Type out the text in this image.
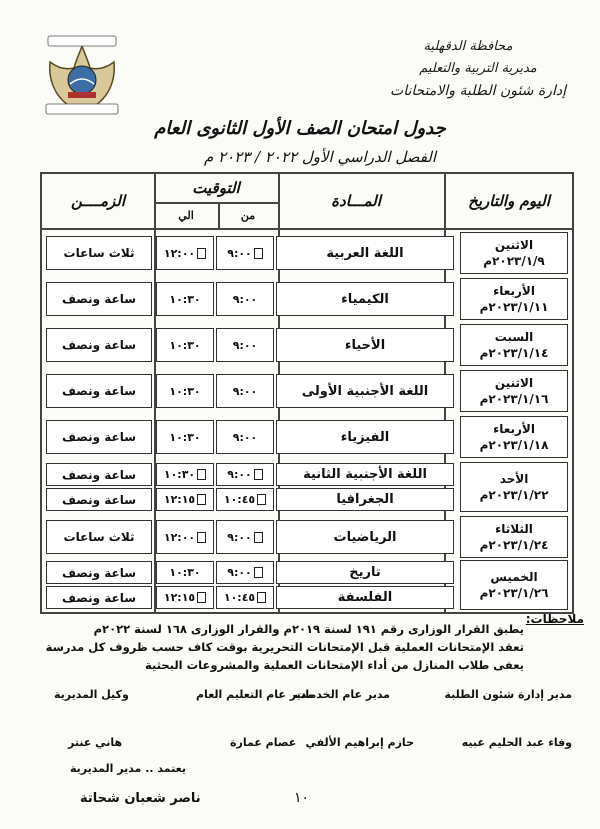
محافظة الدقهلية
مديرية التربية والتعليم
إدارة شئون الطلبة والامتحانات
جدول امتحان الصف الأول الثانوى العام
الفصل الدراسي الأول ٢٠٢٢ / ٢٠٢٣ م
اليوم والتاريخ
المـــادة
التوقيت
من
الي
الزمــــن
الاثنين
٢٠٢٣/١/٩م
اللغة العربية
٩:٠٠
١٢:٠٠
ثلاث ساعات
الأربعاء
٢٠٢٣/١/١١م
الكيمياء
٩:٠٠
١٠:٣٠
ساعة ونصف
السبت
٢٠٢٣/١/١٤م
الأحياء
٩:٠٠
١٠:٣٠
ساعة ونصف
الاثنين
٢٠٢٣/١/١٦م
اللغة الأجنبية الأولى
٩:٠٠
١٠:٣٠
ساعة ونصف
الأربعاء
٢٠٢٣/١/١٨م
الفيزياء
٩:٠٠
١٠:٣٠
ساعة ونصف
الأحد
٢٠٢٣/١/٢٢م
اللغة الأجنبية الثانية
٩:٠٠
١٠:٣٠
ساعة ونصف
الجغرافيا
١٠:٤٥
١٢:١٥
ساعة ونصف
الثلاثاء
٢٠٢٣/١/٢٤م
الرياضيات
٩:٠٠
١٢:٠٠
ثلاث ساعات
الخميس
٢٠٢٣/١/٢٦م
تاريخ
٩:٠٠
١٠:٣٠
ساعة ونصف
الفلسفة
١٠:٤٥
١٢:١٥
ساعة ونصف
ملاحظات:
يطبق القرار الوزارى رقم ١٩١ لسنة ٢٠١٩م والقرار الوزارى ١٦٨ لسنة ٢٠٢٢م
تعقد الإمتحانات العملية قبل الإمتحانات التحريرية بوقت كاف حسب ظروف كل مدرسة
يعفى طلاب المنازل من أداء الإمتحانات العملية والمشروعات البحثية
مدير إدارة شئون الطلبة
مدير عام الخدمات
مدير عام التعليم العام
وكيل المديرية
وفاء عبد الحليم عبيه
حازم إبراهيم الألفي
عصام عمارة
هاني عنتر
يعتمد .. مدير المديرية
١٠
ناصر شعبان شحاتة
